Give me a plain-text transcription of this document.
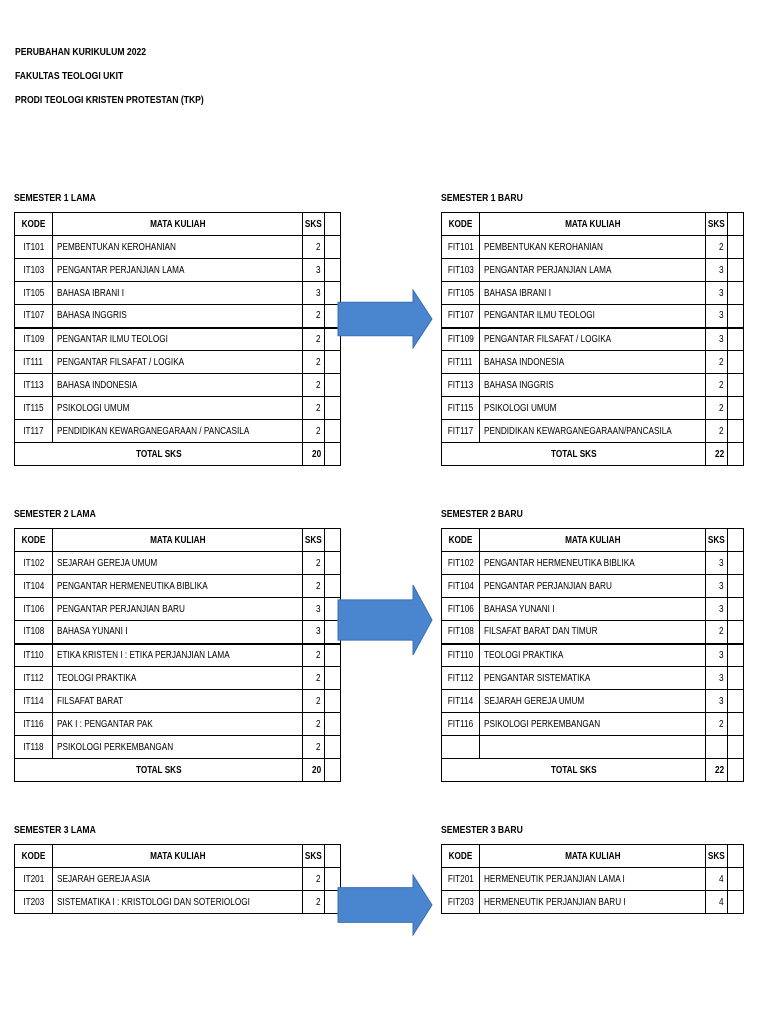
PERUBAHAN KURIKULUM 2022
FAKULTAS TEOLOGI UKIT
PRODI TEOLOGI KRISTEN PROTESTAN (TKP)
SEMESTER 1 LAMA
KODE	MATA KULIAH	SKS	
IT101	PEMBENTUKAN KEROHANIAN	2	
IT103	PENGANTAR PERJANJIAN LAMA	3	
IT105	BAHASA IBRANI I	3	
IT107	BAHASA INGGRIS	2	
IT109	PENGANTAR ILMU TEOLOGI	2	
IT111	PENGANTAR FILSAFAT / LOGIKA	2	
IT113	BAHASA INDONESIA	2	
IT115	PSIKOLOGI UMUM	2	
IT117	PENDIDIKAN KEWARGANEGARAAN / PANCASILA	2	
TOTAL SKS		20	
SEMESTER 1 BARU
KODE	MATA KULIAH	SKS	
FIT101	PEMBENTUKAN KEROHANIAN	2	
FIT103	PENGANTAR PERJANJIAN LAMA	3	
FIT105	BAHASA IBRANI I	3	
FIT107	PENGANTAR ILMU TEOLOGI	3	
FIT109	PENGANTAR FILSAFAT / LOGIKA	3	
FIT111	BAHASA INDONESIA	2	
FIT113	BAHASA INGGRIS	2	
FIT115	PSIKOLOGI UMUM	2	
FIT117	PENDIDIKAN KEWARGANEGARAAN/PANCASILA	2	
TOTAL SKS		22	
SEMESTER 2 LAMA
KODE	MATA KULIAH	SKS	
IT102	SEJARAH GEREJA UMUM	2	
IT104	PENGANTAR HERMENEUTIKA BIBLIKA	2	
IT106	PENGANTAR PERJANJIAN BARU	3	
IT108	BAHASA YUNANI I	3	
IT110	ETIKA KRISTEN I : ETIKA PERJANJIAN LAMA	2	
IT112	TEOLOGI PRAKTIKA	2	
IT114	FILSAFAT BARAT	2	
IT116	PAK I : PENGANTAR PAK	2	
IT118	PSIKOLOGI PERKEMBANGAN	2	
TOTAL SKS		20	
SEMESTER 2 BARU
KODE	MATA KULIAH	SKS	
FIT102	PENGANTAR HERMENEUTIKA BIBLIKA	3	
FIT104	PENGANTAR PERJANJIAN BARU	3	
FIT106	BAHASA YUNANI I	3	
FIT108	FILSAFAT BARAT DAN TIMUR	2	
FIT110	TEOLOGI PRAKTIKA	3	
FIT112	PENGANTAR SISTEMATIKA	3	
FIT114	SEJARAH GEREJA UMUM	3	
FIT116	PSIKOLOGI PERKEMBANGAN	2	

TOTAL SKS		22	
SEMESTER 3 LAMA
KODE	MATA KULIAH	SKS	
IT201	SEJARAH GEREJA ASIA	2	
IT203	SISTEMATIKA I : KRISTOLOGI DAN SOTERIOLOGI	2	
SEMESTER 3 BARU
KODE	MATA KULIAH	SKS	
FIT201	HERMENEUTIK PERJANJIAN LAMA I	4	
FIT203	HERMENEUTIK PERJANJIAN BARU I	4	
